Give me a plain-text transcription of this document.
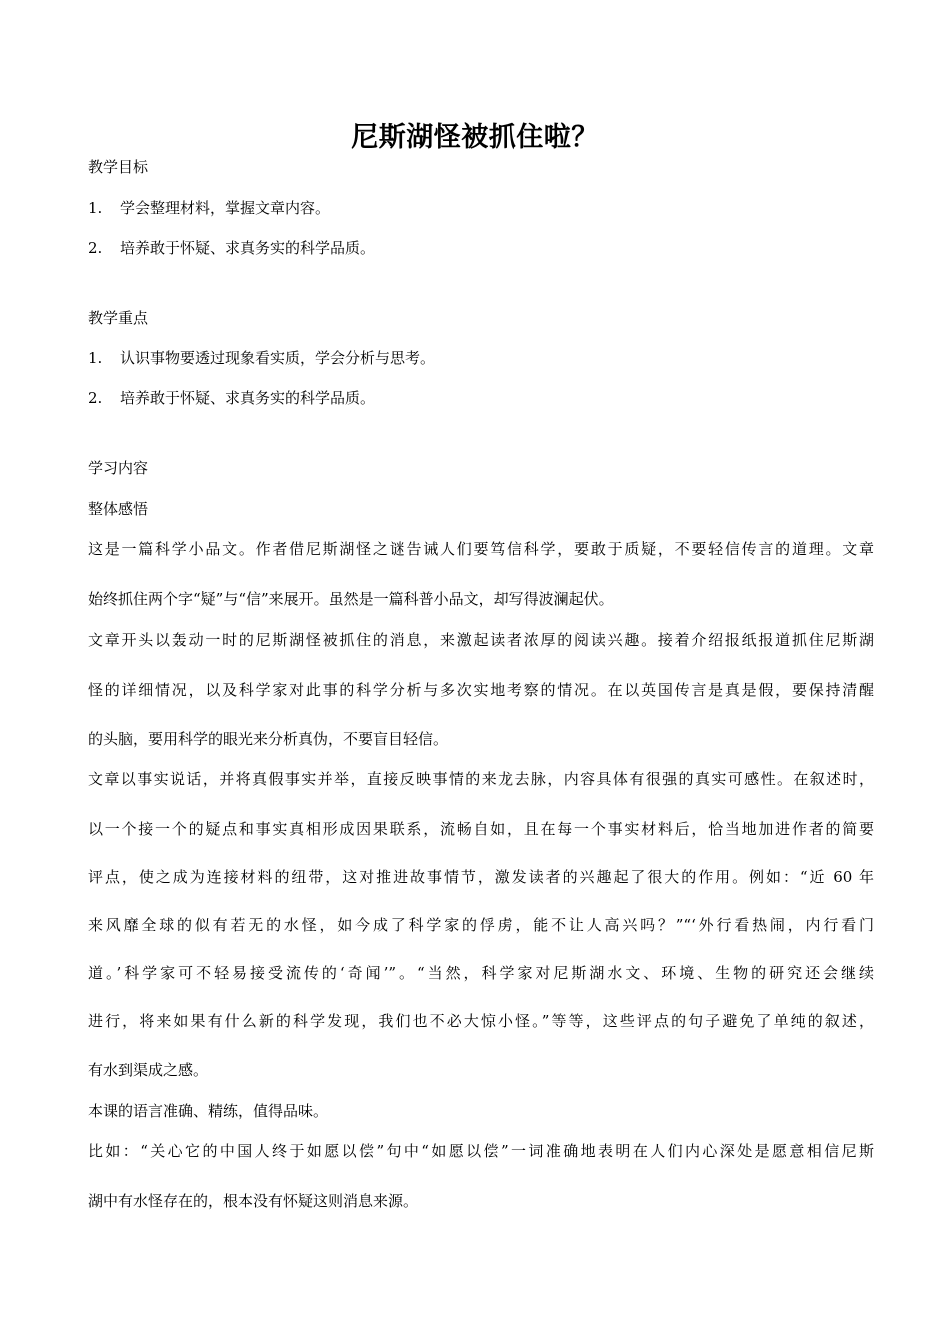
尼斯湖怪被抓住啦？
教学目标
1. 学会整理材料，掌握文章内容。
2. 培养敢于怀疑、求真务实的科学品质。
教学重点
1. 认识事物要透过现象看实质，学会分析与思考。
2. 培养敢于怀疑、求真务实的科学品质。
学习内容
整体感悟
这是一篇科学小品文。作者借尼斯湖怪之谜告诫人们要笃信科学，要敢于质疑，不要轻信传言的道理。文章
始终抓住两个字“疑”与“信”来展开。虽然是一篇科普小品文，却写得波澜起伏。
文章开头以轰动一时的尼斯湖怪被抓住的消息，来激起读者浓厚的阅读兴趣。接着介绍报纸报道抓住尼斯湖
怪的详细情况，以及科学家对此事的科学分析与多次实地考察的情况。在以英国传言是真是假，要保持清醒
的头脑，要用科学的眼光来分析真伪，不要盲目轻信。
文章以事实说话，并将真假事实并举，直接反映事情的来龙去脉，内容具体有很强的真实可感性。在叙述时，
以一个接一个的疑点和事实真相形成因果联系，流畅自如，且在每一个事实材料后，恰当地加进作者的简要
评点，使之成为连接材料的纽带，这对推进故事情节，激发读者的兴趣起了很大的作用。例如：“近 60 年
来风靡全球的似有若无的水怪，如今成了科学家的俘虏，能不让人高兴吗？”“‘外行看热闹，内行看门
道。’科学家可不轻易接受流传的‘奇闻’”。“当然，科学家对尼斯湖水文、环境、生物的研究还会继续
进行，将来如果有什么新的科学发现，我们也不必大惊小怪。”等等，这些评点的句子避免了单纯的叙述，
有水到渠成之感。
本课的语言准确、精练，值得品味。
比如：“关心它的中国人终于如愿以偿”句中“如愿以偿”一词准确地表明在人们内心深处是愿意相信尼斯
湖中有水怪存在的，根本没有怀疑这则消息来源。
